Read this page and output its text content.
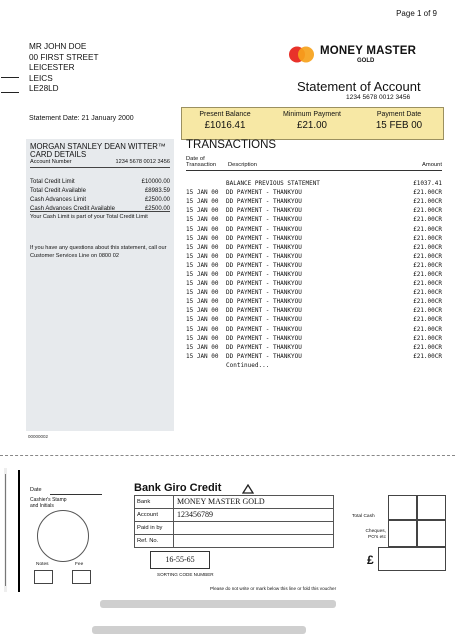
Page 1 of 9
MR JOHN DOE
00 FIRST STREET
LEICESTER
LEICS
LE28LD
MONEY MASTER
GOLD
Statement of Account
1234 5678 0012 3456
Statement Date: 21 January 2000
Present Balance
£1016.41
Minimum Payment
£21.00
Payment Date
15 FEB 00
MORGAN STANLEY DEAN WITTER™
CARD DETAILS
1234 5678 0012 3456
Account Number
Total Credit Limit	£10000.00
Total Credit Available	£8983.59
Cash Advances Limit	£2500.00
Cash Advances Credit Available	£2500.00
Your Cash Limit is part of your Total Credit Limit
If you have any questions about this statement, call our Customer Services Line on 0800 02
00000002
TRANSACTIONS
Date of
Transaction Description	Amount
BALANCE PREVIOUS STATEMENT	£1037.41
15 JAN 00	DD PAYMENT - THANKYOU	£21.00CR
15 JAN 00	DD PAYMENT - THANKYOU	£21.00CR
15 JAN 00	DD PAYMENT - THANKYOU	£21.00CR
15 JAN 00	DD PAYMENT - THANKYOU	£21.00CR
15 JAN 00	DD PAYMENT - THANKYOU	£21.00CR
15 JAN 00	DD PAYMENT - THANKYOU	£21.00CR
15 JAN 00	DD PAYMENT - THANKYOU	£21.00CR
15 JAN 00	DD PAYMENT - THANKYOU	£21.00CR
15 JAN 00	DD PAYMENT - THANKYOU	£21.00CR
15 JAN 00	DD PAYMENT - THANKYOU	£21.00CR
15 JAN 00	DD PAYMENT - THANKYOU	£21.00CR
15 JAN 00	DD PAYMENT - THANKYOU	£21.00CR
15 JAN 00	DD PAYMENT - THANKYOU	£21.00CR
15 JAN 00	DD PAYMENT - THANKYOU	£21.00CR
15 JAN 00	DD PAYMENT - THANKYOU	£21.00CR
15 JAN 00	DD PAYMENT - THANKYOU	£21.00CR
15 JAN 00	DD PAYMENT - THANKYOU	£21.00CR
15 JAN 00	DD PAYMENT - THANKYOU	£21.00CR
15 JAN 00	DD PAYMENT - THANKYOU	£21.00CR
Continued...
Date
Cashier's Stamp and Initials
Notes	Fee
Bank Giro Credit
Bank	MONEY MASTER GOLD
Account	123456789
Paid in by
Ref. No.
16-55-65
SORTING CODE NUMBER
Please do not write or mark below this line or fold this voucher
Total Cash
Cheques, PO's etc
£
